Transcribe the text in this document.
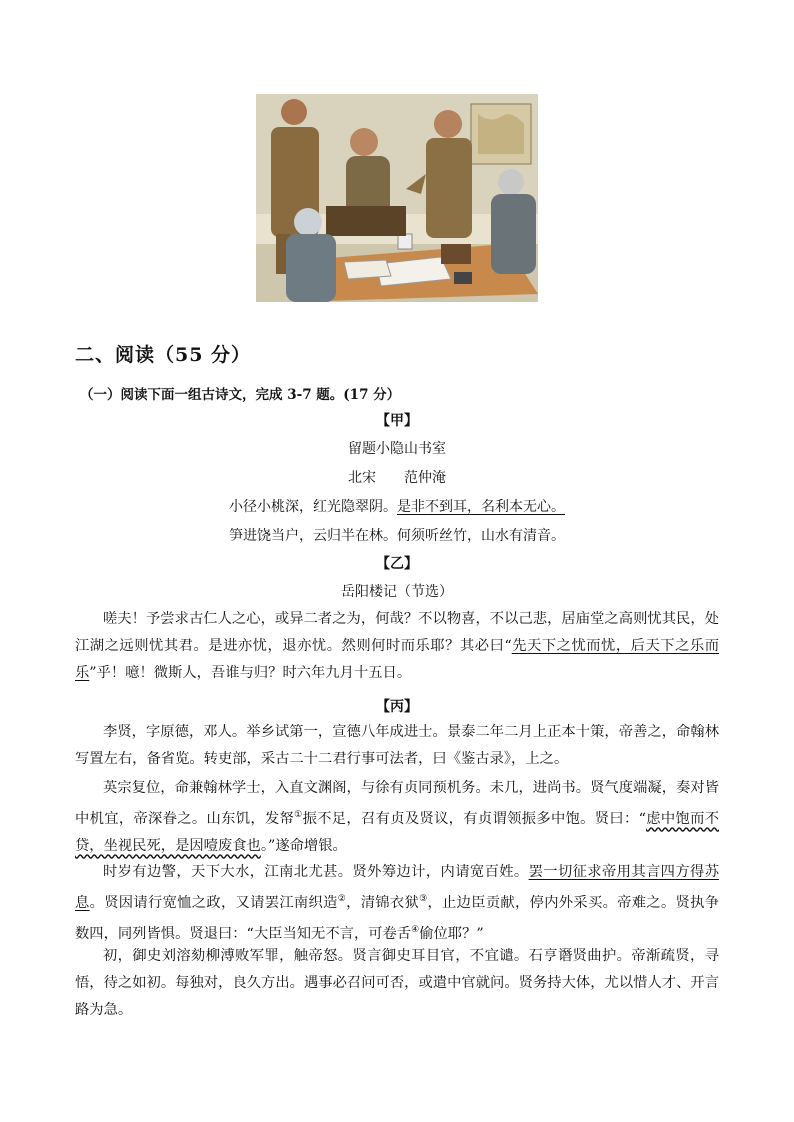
二、阅读（55 分）
（一）阅读下面一组古诗文，完成 3-7 题。(17 分）
【甲】
留题小隐山书室
北宋　　范仲淹
小径小桃深，红光隐翠阴。是非不到耳，名利本无心。
笋进饶当户，云归半在林。何须听丝竹，山水有清音。
【乙】
岳阳楼记（节选）
嗟夫！予尝求古仁人之心，或异二者之为，何哉？不以物喜，不以己悲，居庙堂之高则忧其民，处江湖之远则忧其君。是进亦忧，退亦忧。然则何时而乐耶？其必曰“先天下之忧而忧，后天下之乐而乐”乎！噫！微斯人，吾谁与归？时六年九月十五日。
【丙】
李贤，字原德，邓人。举乡试第一，宣德八年成进士。景泰二年二月上正本十策，帝善之，命翰林写置左右，备省览。转吏部，采古二十二君行事可法者，曰《鉴古录》，上之。
英宗复位，命兼翰林学士，入直文渊阁，与徐有贞同预机务。未几，进尚书。贤气度端凝，奏对皆中机宜，帝深眷之。山东饥，发帑①振不足，召有贞及贤议，有贞谓领振多中饱。贤曰：“虑中饱而不贷，坐视民死，是因噎废食也。”遂命增银。
时岁有边警，天下大水，江南北尤甚。贤外筹边计，内请宽百姓。罢一切征求帝用其言四方得苏息。贤因请行宽恤之政，又请罢江南织造②，清锦衣狱③，止边臣贡献，停内外采买。帝难之。贤执争数四，同列皆惧。贤退曰：“大臣当知无不言，可卷舌④偷位耶？”
初，御史刘溶劾柳溥败军罪，触帝怒。贤言御史耳目官，不宜谴。石亨谮贤曲护。帝渐疏贤，寻悟，待之如初。每独对，良久方出。遇事必召问可否，或遣中官就问。贤务持大体，尤以惜人才、开言路为急。
